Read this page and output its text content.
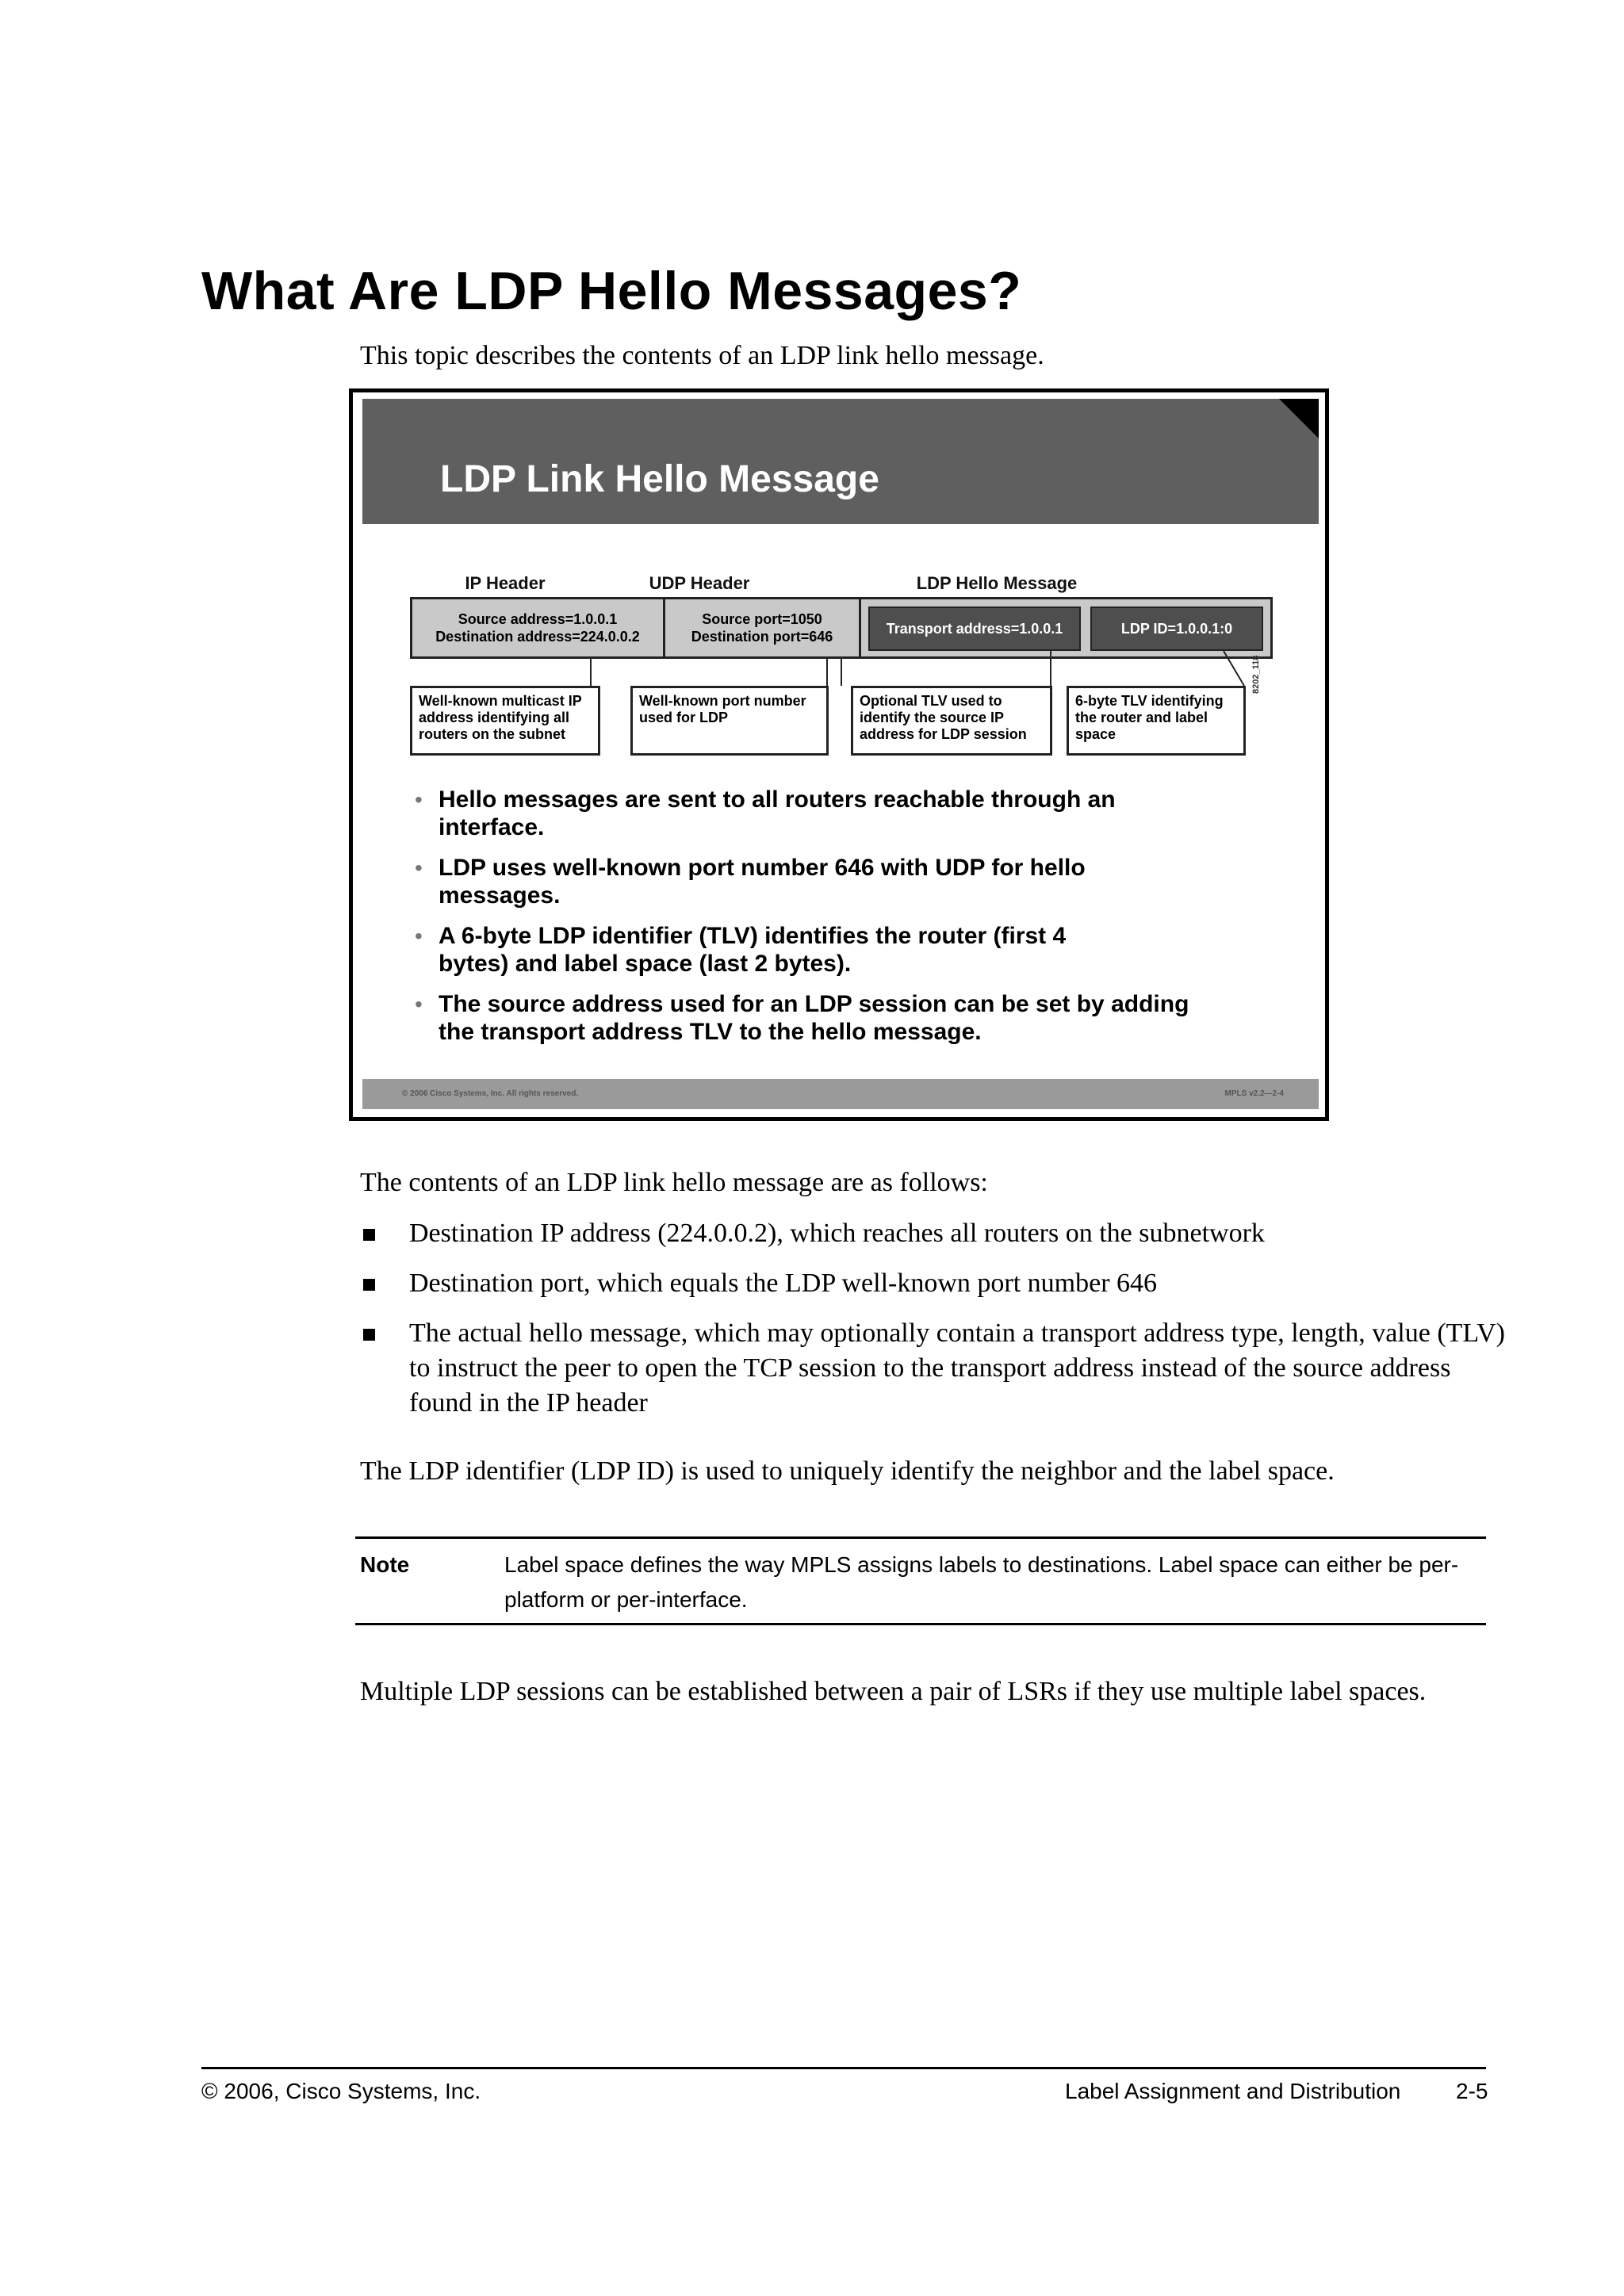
What Are LDP Hello Messages?
This topic describes the contents of an LDP link hello message.
LDP Link Hello Message
IP Header	UDP Header	LDP Hello Message
Source address=1.0.0.1
Destination address=224.0.0.2
Source port=1050
Destination port=646	Transport address=1.0.0.1	LDP ID=1.0.0.1:0
Well-known multicast IP address identifying all routers on the subnet
Well-known port number used for LDP
Optional TLV used to identify the source IP address for LDP session
6-byte TLV identifying the router and label space
8202_118
• Hello messages are sent to all routers reachable through an interface.
• LDP uses well-known port number 646 with UDP for hello messages.
• A 6-byte LDP identifier (TLV) identifies the router (first 4 bytes) and label space (last 2 bytes).
• The source address used for an LDP session can be set by adding the transport address TLV to the hello message.
© 2006 Cisco Systems, Inc. All rights reserved.	MPLS v2.2—2-4
The contents of an LDP link hello message are as follows:
Destination IP address (224.0.0.2), which reaches all routers on the subnetwork
Destination port, which equals the LDP well-known port number 646
The actual hello message, which may optionally contain a transport address type, length, value (TLV) to instruct the peer to open the TCP session to the transport address instead of the source address found in the IP header
The LDP identifier (LDP ID) is used to uniquely identify the neighbor and the label space.
Note	Label space defines the way MPLS assigns labels to destinations. Label space can either be per-platform or per-interface.
Multiple LDP sessions can be established between a pair of LSRs if they use multiple label spaces.
© 2006, Cisco Systems, Inc.	Label Assignment and Distribution 2-5
